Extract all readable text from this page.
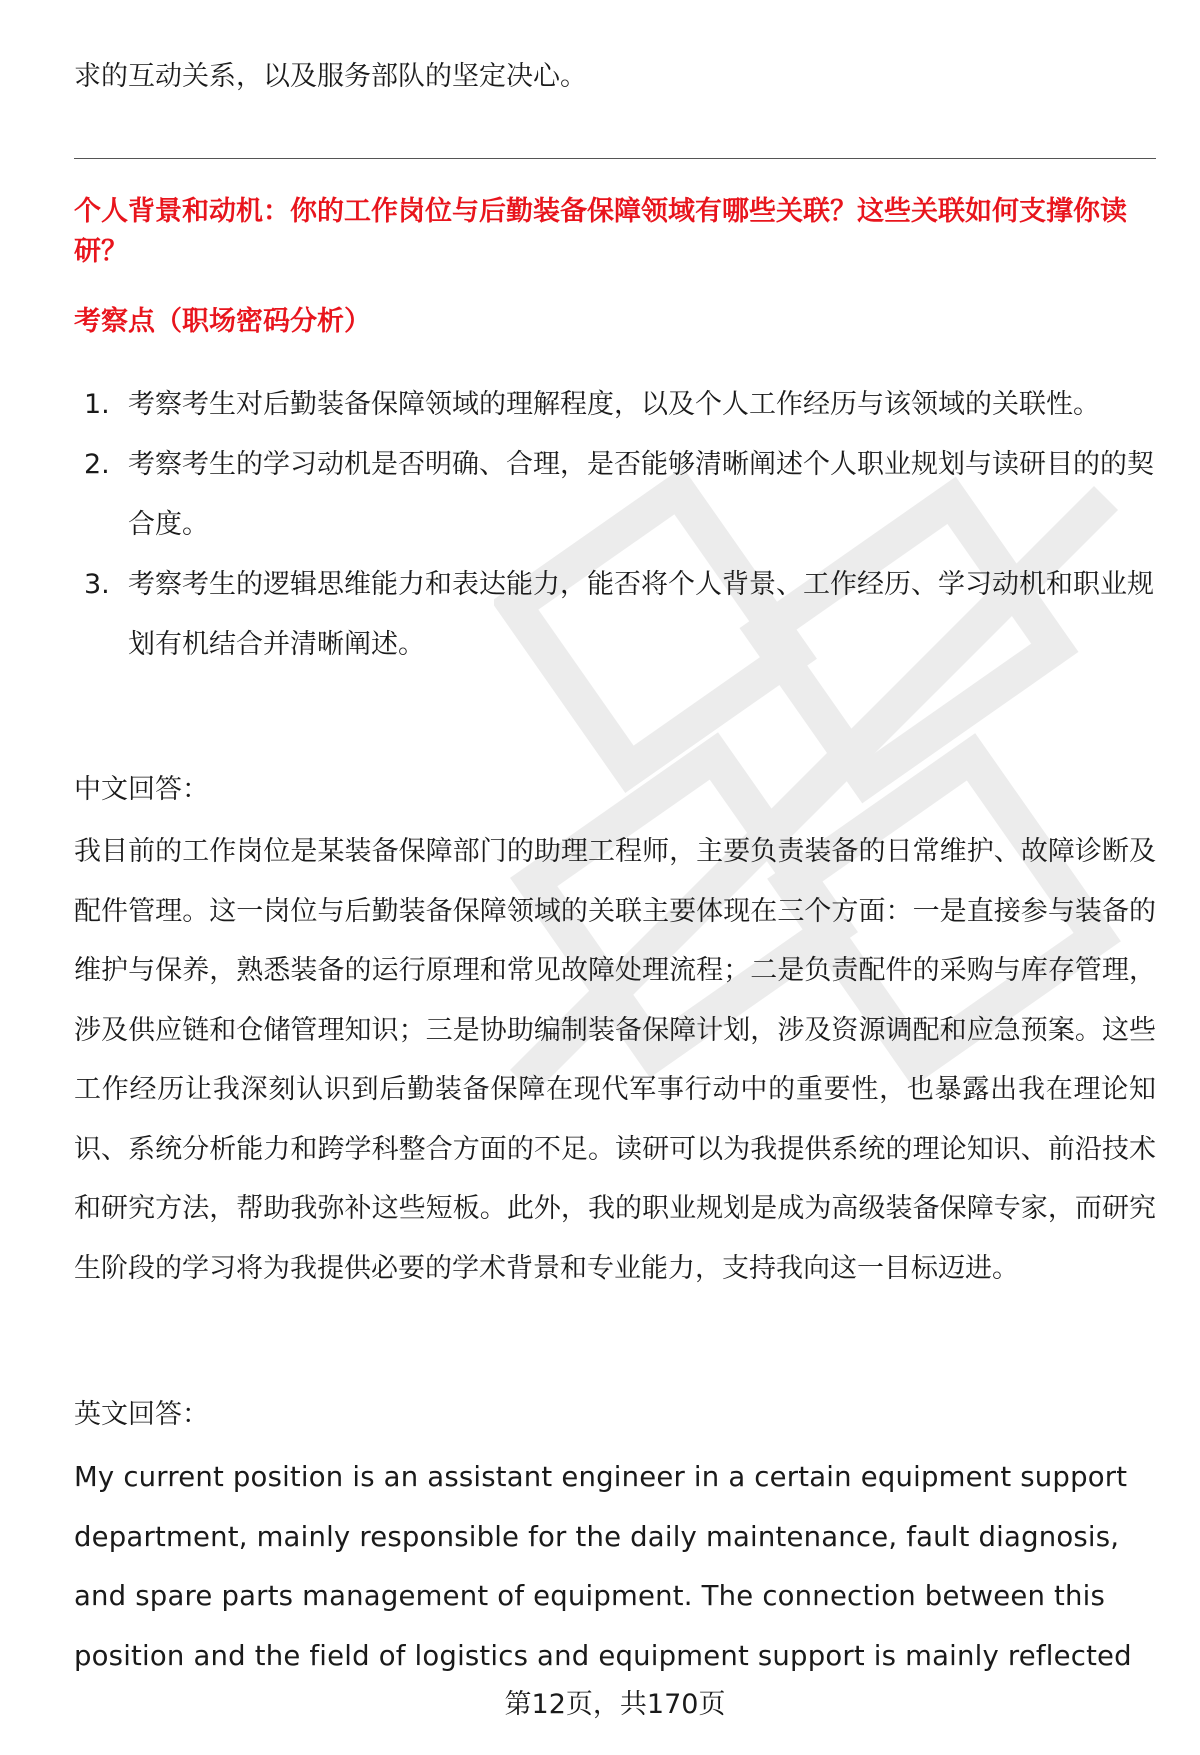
求的互动关系，以及服务部队的坚定决心。

个人背景和动机：你的工作岗位与后勤装备保障领域有哪些关联？这些关联如何支撑你读研？

考察点（职场密码分析）

1. 考察考生对后勤装备保障领域的理解程度，以及个人工作经历与该领域的关联性。
2. 考察考生的学习动机是否明确、合理，是否能够清晰阐述个人职业规划与读研目的的契合度。
3. 考察考生的逻辑思维能力和表达能力，能否将个人背景、工作经历、学习动机和职业规划有机结合并清晰阐述。

中文回答：

我目前的工作岗位是某装备保障部门的助理工程师，主要负责装备的日常维护、故障诊断及配件管理。这一岗位与后勤装备保障领域的关联主要体现在三个方面：一是直接参与装备的维护与保养，熟悉装备的运行原理和常见故障处理流程；二是负责配件的采购与库存管理，涉及供应链和仓储管理知识；三是协助编制装备保障计划，涉及资源调配和应急预案。这些工作经历让我深刻认识到后勤装备保障在现代军事行动中的重要性，也暴露出我在理论知识、系统分析能力和跨学科整合方面的不足。读研可以为我提供系统的理论知识、前沿技术和研究方法，帮助我弥补这些短板。此外，我的职业规划是成为高级装备保障专家，而研究生阶段的学习将为我提供必要的学术背景和专业能力，支持我向这一目标迈进。

英文回答：

My current position is an assistant engineer in a certain equipment support department, mainly responsible for the daily maintenance, fault diagnosis, and spare parts management of equipment. The connection between this position and the field of logistics and equipment support is mainly reflected

第12页，共170页
